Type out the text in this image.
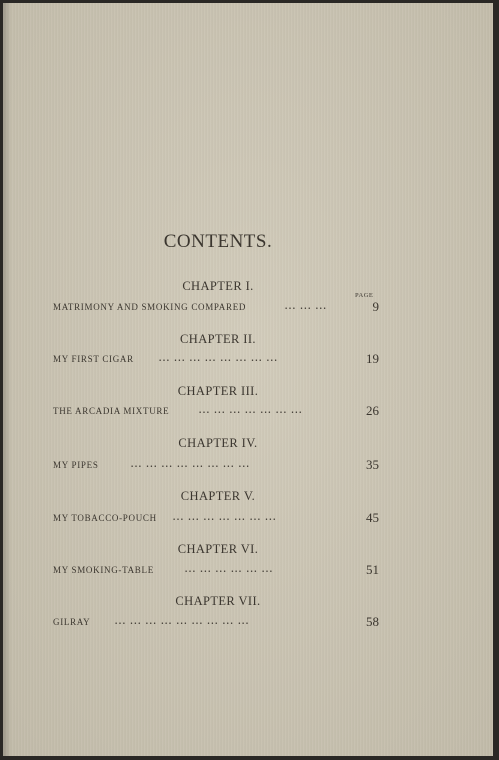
CONTENTS.
PAGE
CHAPTER I.
MATRIMONY AND SMOKING COMPARED	... ... ...	9
CHAPTER II.
MY FIRST CIGAR	... ... ... ... ... ... ... ...	19
CHAPTER III.
THE ARCADIA MIXTURE	... ... ... ... ... ... ...	26
CHAPTER IV.
MY PIPES	... ... ... ... ... ... ... ...	35
CHAPTER V.
MY TOBACCO-POUCH ... ... ... ... ... ... ...	45
CHAPTER VI.
MY SMOKING-TABLE	... ... ... ... ... ...	51
CHAPTER VII.
GILRAY	... ... ... ... ... ... ... ... ...	58
